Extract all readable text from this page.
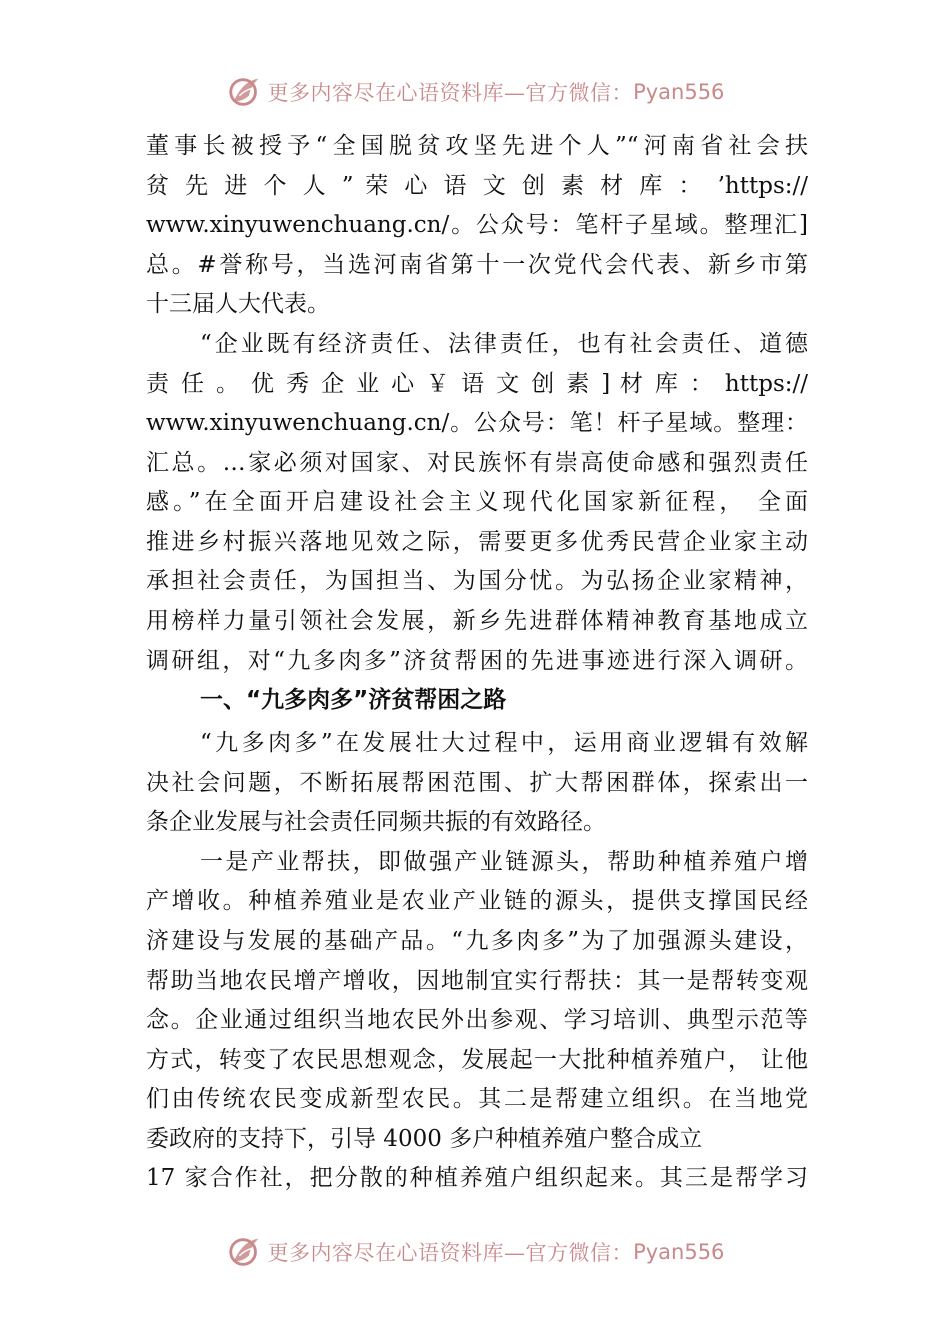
更多内容尽在心语资料库—官方微信： Pyan556
董事长被授予“全国脱贫攻坚先进个人”“河南省社会扶
贫 先 进 个 人 ” 荣 心 语 文 创 素 材 库 ： ’https://
www.xinyuwenchuang.cn/。公众号：笔杆子星域。整理汇]
总。#誉称号，当选河南省第十一次党代会代表、新乡市第
十三届人大代表。
“企业既有经济责任、法律责任，也有社会责任、道德
责 任 。 优 秀 企 业 心 ￥ 语 文 创 素 ] 材 库 ： https://
www.xinyuwenchuang.cn/。公众号：笔！杆子星域。整理：
汇总。…家必须对国家、对民族怀有崇高使命感和强烈责任
感。”在全面开启建设社会主义现代化国家新征程， 全面
推进乡村振兴落地见效之际，需要更多优秀民营企业家主动
承担社会责任，为国担当、为国分忧。为弘扬企业家精神，
用榜样力量引领社会发展，新乡先进群体精神教育基地成立
调研组，对“九多肉多”济贫帮困的先进事迹进行深入调研。
一、“九多肉多”济贫帮困之路
“九多肉多”在发展壮大过程中，运用商业逻辑有效解
决社会问题，不断拓展帮困范围、扩大帮困群体，探索出一
条企业发展与社会责任同频共振的有效路径。
一是产业帮扶，即做强产业链源头，帮助种植养殖户增
产增收。种植养殖业是农业产业链的源头，提供支撑国民经
济建设与发展的基础产品。“九多肉多”为了加强源头建设，
帮助当地农民增产增收，因地制宜实行帮扶：其一是帮转变观
念。企业通过组织当地农民外出参观、学习培训、典型示范等
方式，转变了农民思想观念，发展起一大批种植养殖户， 让他
们由传统农民变成新型农民。其二是帮建立组织。在当地党
委政府的支持下，引导 4000 多户种植养殖户整合成立
17 家合作社，把分散的种植养殖户组织起来。其三是帮学习
更多内容尽在心语资料库—官方微信： Pyan556
